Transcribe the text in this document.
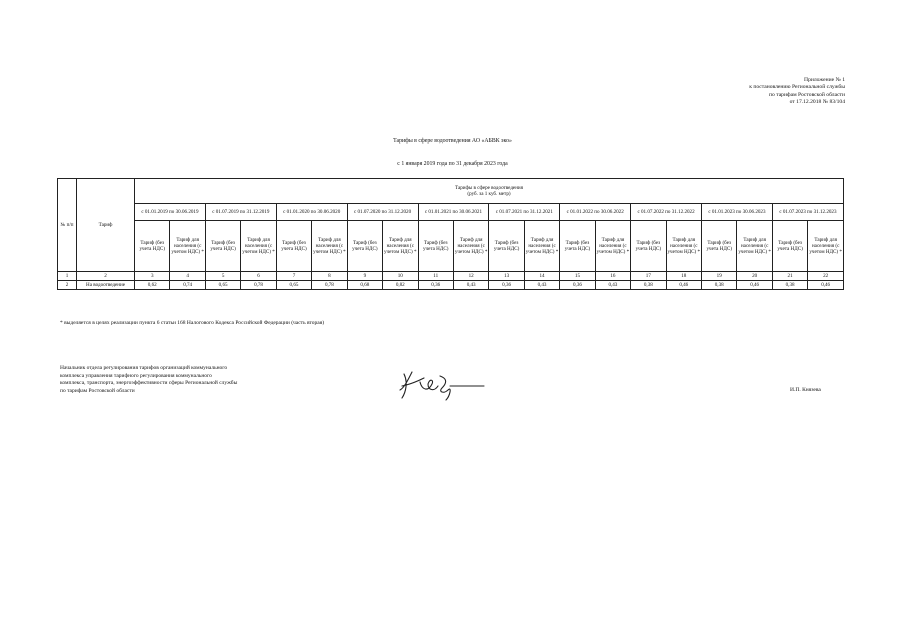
Приложение № 1
к постановлению Региональной службы
по тарифам Ростовской области
от 17.12.2018 № 83/104
Тарифы в сфере водоотведения АО «АБВК эко»
с 1 января 2019 года по 31 декабря 2023 года
№ п/п	Тариф	Тарифы в сфере водоотведения
(руб. за 1 куб. метр)																			

		с 01.01.2019 по 30.06.2019		с 01.07.2019 по 31.12.2019		с 01.01.2020 по 30.06.2020		с 01.07.2020 по 31.12.2020		с 01.01.2021 по 30.06.2021		с 01.07.2021 по 31.12.2021		с 01.01.2022 по 30.06.2022		с 01.07.2022 по 31.12.2022		с 01.01.2023 по 30.06.2023		с 01.07.2023 по 31.12.2023	
		Тариф (без учета НДС)	Тариф для населения (с учетом НДС) *	Тариф (без учета НДС)	Тариф для населения (с учетом НДС) *	Тариф (без учета НДС)	Тариф для населения (с учетом НДС) *	Тариф (без учета НДС)	Тариф для населения (с учетом НДС) *	Тариф (без учета НДС)	Тариф для населения (с учетом НДС) *	Тариф (без учета НДС)	Тариф для населения (с учетом НДС) *	Тариф (без учета НДС)	Тариф для населения (с учетом НДС) *	Тариф (без учета НДС)	Тариф для населения (с учетом НДС) *	Тариф (без учета НДС)	Тариф для населения (с учетом НДС) *	Тариф (без учета НДС)	Тариф для населения (с учетом НДС) *
1	2	3	4	5	6	7	8	9	10	11	12	13	14	15	16	17	18	19	20	21	22
2	На водоотведение	0,62	0,74	0,65	0,78	0,65	0,78	0,68	0,82	0,36	0,43	0,36	0,43	0,36	0,43	0,38	0,46	0,38	0,46	0,38	0,46
* выделяется в целях реализации пункта 6 статьи 168 Налогового Кодекса Российской Федерации (часть вторая)
Начальник отдела регулирования тарифов организаций коммунального
комплекса управления тарифного регулирования коммунального
комплекса, транспорта, энергоэффективности сферы Региональной службы
по тарифам Ростовской области	И.П. Князева
